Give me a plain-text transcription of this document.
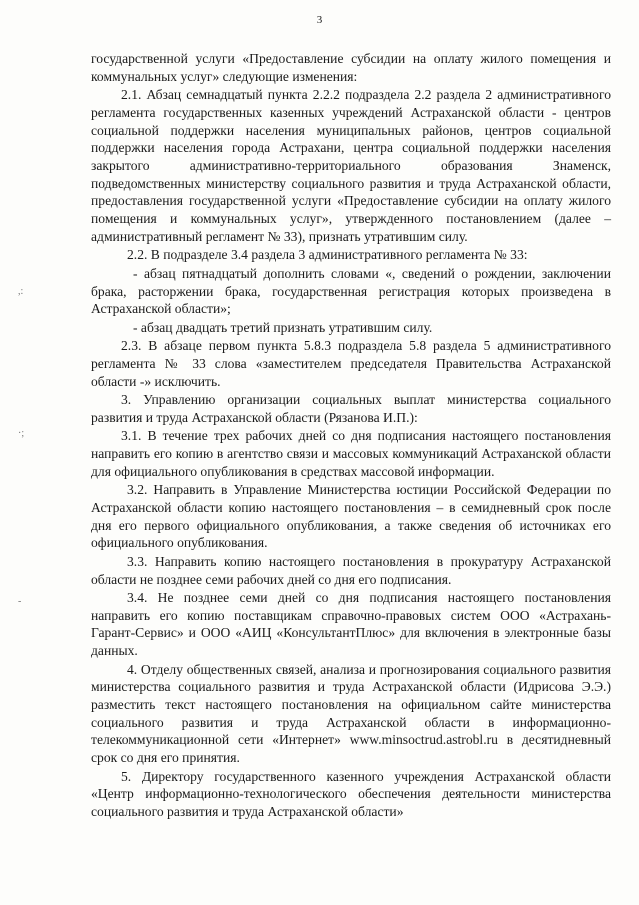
3
,:
·;
-

государственной услуги «Предоставление субсидии на оплату жилого помещения и коммунальных услуг» следующие изменения:

2.1. Абзац семнадцатый пункта 2.2.2 подраздела 2.2 раздела 2 административного регламента государственных казенных учреждений Астраханской области - центров социальной поддержки населения муниципальных районов, центров социальной поддержки населения города Астрахани, центра социальной поддержки населения закрытого административно-территориального образования Знаменск, подведомственных министерству социального развития и труда Астраханской области, предоставления государственной услуги «Предоставление субсидии на оплату жилого помещения и коммунальных услуг», утвержденного постановлением (далее – административный регламент № 33), признать утратившим силу.

2.2. В подразделе 3.4 раздела 3 административного регламента № 33:

- абзац пятнадцатый дополнить словами «, сведений о рождении, заключении брака, расторжении брака, государственная регистрация которых произведена в Астраханской области»;

- абзац двадцать третий признать утратившим силу.

2.3. В абзаце первом пункта 5.8.3 подраздела 5.8 раздела 5 административного регламента № 33 слова «заместителем председателя Правительства Астраханской области -» исключить.

3. Управлению организации социальных выплат министерства социального развития и труда Астраханской области (Рязанова И.П.):

3.1. В течение трех рабочих дней со дня подписания настоящего постановления направить его копию в агентство связи и массовых коммуникаций Астраханской области для официального опубликования в средствах массовой информации.

3.2. Направить в Управление Министерства юстиции Российской Федерации по Астраханской области копию настоящего постановления – в семидневный срок после дня его первого официального опубликования, а также сведения об источниках его официального опубликования.

3.3. Направить копию настоящего постановления в прокуратуру Астраханской области не позднее семи рабочих дней со дня его подписания.

3.4. Не позднее семи дней со дня подписания настоящего постановления направить его копию поставщикам справочно-правовых систем ООО «Астрахань-Гарант-Сервис» и ООО «АИЦ «КонсультантПлюс» для включения в электронные базы данных.

4. Отделу общественных связей, анализа и прогнозирования социального развития министерства социального развития и труда Астраханской области (Идрисова Э.Э.) разместить текст настоящего постановления на официальном сайте министерства социального развития и труда Астраханской области в информационно-телекоммуникационной сети «Интернет» www.minsoctrud.astrobl.ru в десятидневный срок со дня его принятия.

5. Директору государственного казенного учреждения Астраханской области «Центр информационно-технологического обеспечения деятельности министерства социального развития и труда Астраханской области»
